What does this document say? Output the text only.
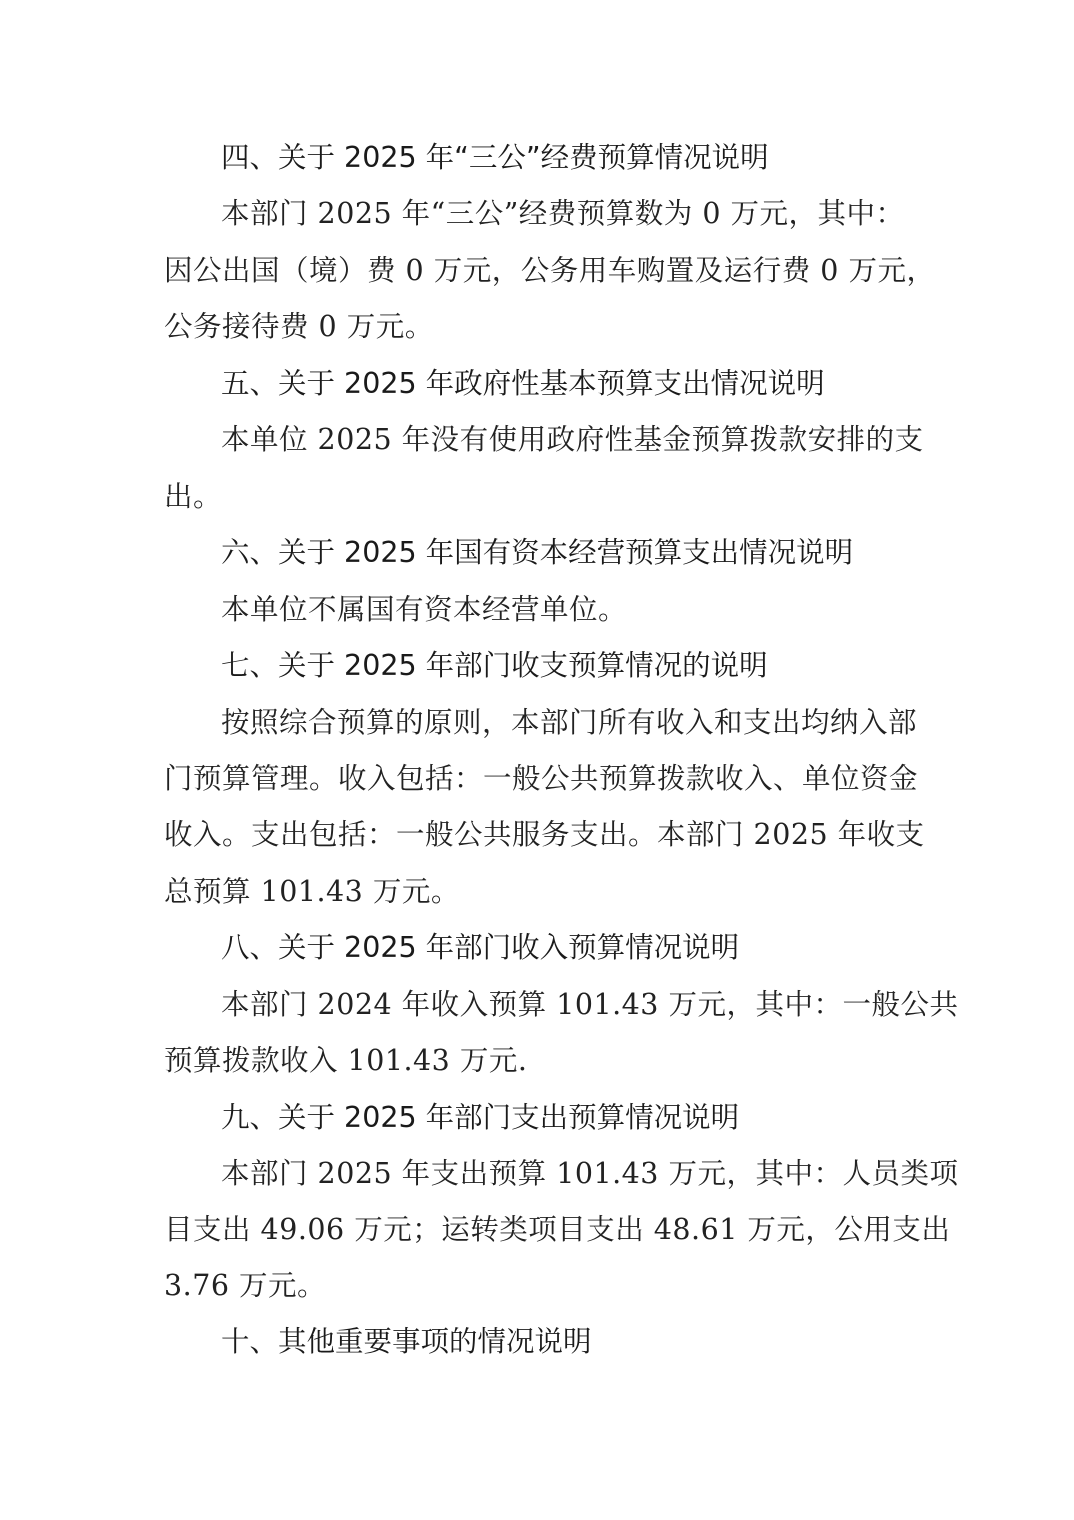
四、关于 2025 年“三公”经费预算情况说明
本部门 2025 年“三公”经费预算数为 0 万元，其中：
因公出国（境）费 0 万元，公务用车购置及运行费 0 万元，
公务接待费 0 万元。
五、关于 2025 年政府性基本预算支出情况说明
本单位 2025 年没有使用政府性基金预算拨款安排的支
出。
六、关于 2025 年国有资本经营预算支出情况说明
本单位不属国有资本经营单位。
七、关于 2025 年部门收支预算情况的说明
按照综合预算的原则，本部门所有收入和支出均纳入部
门预算管理。收入包括：一般公共预算拨款收入、单位资金
收入。支出包括：一般公共服务支出。本部门 2025 年收支
总预算 101.43 万元。
八、关于 2025 年部门收入预算情况说明
本部门 2024 年收入预算 101.43 万元，其中：一般公共
预算拨款收入 101.43 万元.
九、关于 2025 年部门支出预算情况说明
本部门 2025 年支出预算 101.43 万元，其中：人员类项
目支出 49.06 万元；运转类项目支出 48.61 万元，公用支出
3.76 万元。
十、其他重要事项的情况说明
